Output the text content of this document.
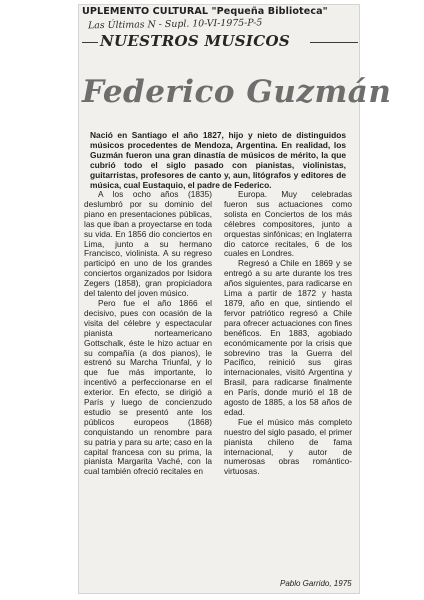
UPLEMENTO CULTURAL "Pequeña Biblioteca"
Las Últimas N - Supl. 10-VI-1975-P-5
NUESTROS MUSICOS
Federico Guzmán
Nació en Santiago el año 1827, hijo y nieto de distinguidos músicos procedentes de Mendoza, Argentina. En realidad, los Guzmán fueron una gran dinastía de músicos de mérito, la que cubrió todo el siglo pasado con pianistas, violinistas, guitarristas, profesores de canto y, aun, litógrafos y editores de música, cual Eustaquio, el padre de Federico.

A los ocho años (1835) deslumbró por su dominio del piano en presentaciones públicas, las que iban a proyectarse en toda su vida. En 1856 dio conciertos en Lima, junto a su hermano Francisco, violinista. A su regreso participó en uno de los grandes conciertos organizados por Isidora Zegers (1858), gran propiciadora del talento del joven músico.

Pero fue el año 1866 el decisivo, pues con ocasión de la visita del célebre y espectacular pianista norteamericano Gottschalk, éste le hizo actuar en su compañía (a dos pianos), le estrenó su Marcha Triunfal, y lo que fue más importante, lo incentivó a perfeccionarse en el exterior. En efecto, se dirigió a París y luego de concienzudo estudio se presentó ante los públicos europeos (1868) conquistando un renombre para su patria y para su arte; caso en la capital francesa con su prima, la pianista Margarita Vaché, con la cual también ofreció recitales en

Europa. Muy celebradas fueron sus actuaciones como solista en Conciertos de los más célebres compositores, junto a orquestas sinfónicas; en Inglaterra dio catorce recitales, 6 de los cuales en Londres.

Regresó a Chile en 1869 y se entregó a su arte durante los tres años siguientes, para radicarse en Lima a partir de 1872 y hasta 1879, año en que, sintiendo el fervor patriótico regresó a Chile para ofrecer actuaciones con fines benéficos. En 1883, agobiado económicamente por la crisis que sobrevino tras la Guerra del Pacífico, reinició sus giras internacionales, visitó Argentina y Brasil, para radicarse finalmente en París, donde murió el 18 de agosto de 1885, a los 58 años de edad.

Fue el músico más completo nuestro del siglo pasado, el primer pianista chileno de fama internacional, y autor de numerosas obras romántico-virtuosas.

Pablo Garrido, 1975
